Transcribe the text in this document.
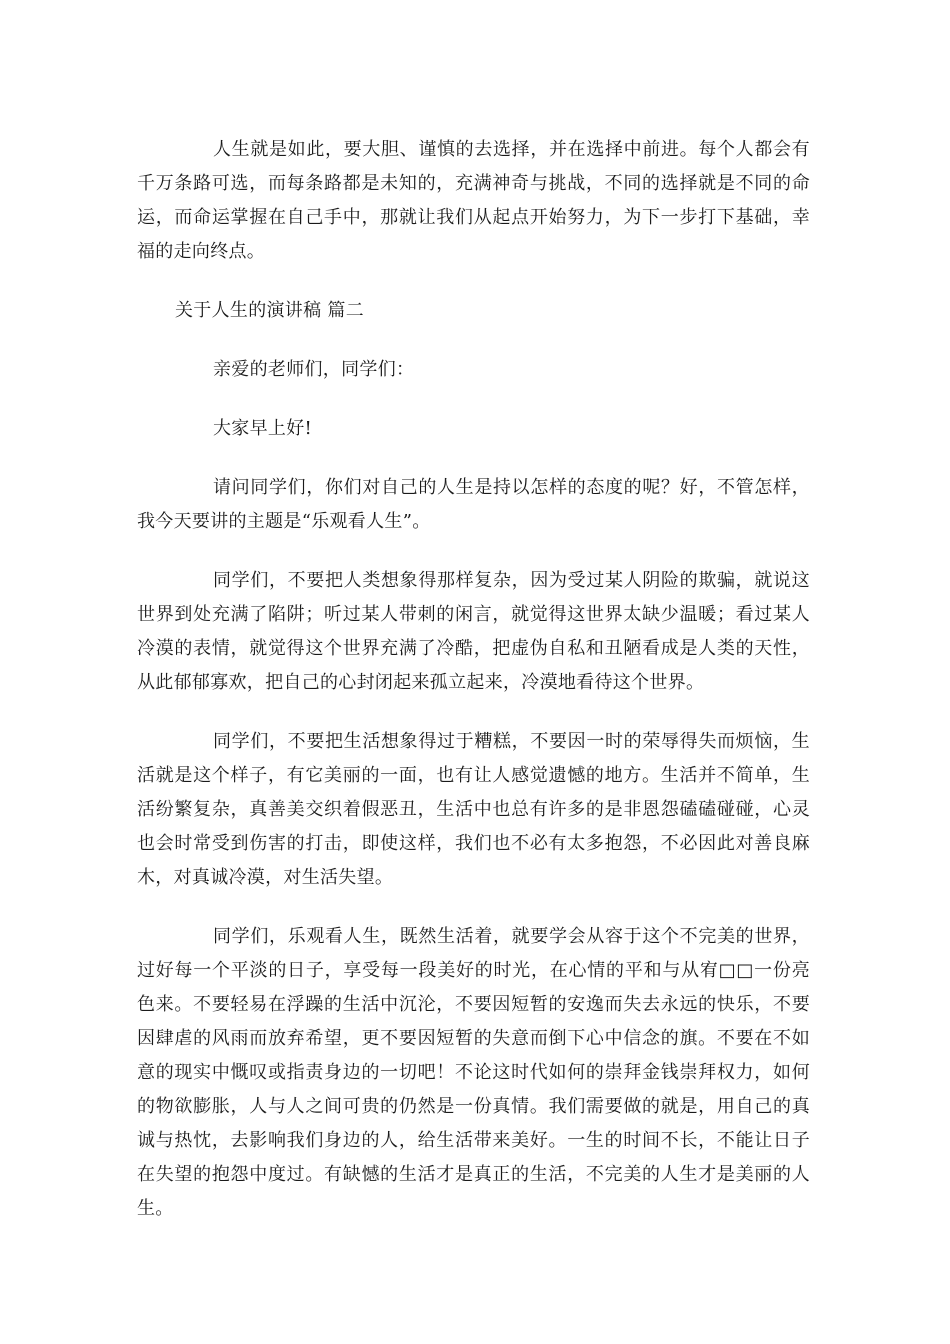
人生就是如此，要大胆、谨慎的去选择，并在选择中前进。每个人都会有千万条路可选，而每条路都是未知的，充满神奇与挑战，不同的选择就是不同的命运，而命运掌握在自己手中，那就让我们从起点开始努力，为下一步打下基础，幸福的走向终点。

关于人生的演讲稿 篇二

亲爱的老师们，同学们：

大家早上好!

请问同学们，你们对自己的人生是持以怎样的态度的呢？好，不管怎样，我今天要讲的主题是“乐观看人生”。

同学们，不要把人类想象得那样复杂，因为受过某人阴险的欺骗，就说这世界到处充满了陷阱；听过某人带刺的闲言，就觉得这世界太缺少温暖；看过某人冷漠的表情，就觉得这个世界充满了冷酷，把虚伪自私和丑陋看成是人类的天性，从此郁郁寡欢，把自己的心封闭起来孤立起来，冷漠地看待这个世界。

同学们，不要把生活想象得过于糟糕，不要因一时的荣辱得失而烦恼，生活就是这个样子，有它美丽的一面，也有让人感觉遗憾的地方。生活并不简单，生活纷繁复杂，真善美交织着假恶丑，生活中也总有许多的是非恩怨磕磕碰碰，心灵也会时常受到伤害的打击，即使这样，我们也不必有太多抱怨，不必因此对善良麻木，对真诚冷漠，对生活失望。

同学们，乐观看人生，既然生活着，就要学会从容于这个不完美的世界，过好每一个平淡的日子，享受每一段美好的时光，在心情的平和与从宥□□一份亮色来。不要轻易在浮躁的生活中沉沦，不要因短暂的安逸而失去永远的快乐，不要因肆虐的风雨而放弃希望，更不要因短暂的失意而倒下心中信念的旗。不要在不如意的现实中慨叹或指责身边的一切吧！不论这时代如何的崇拜金钱崇拜权力，如何的物欲膨胀，人与人之间可贵的仍然是一份真情。我们需要做的就是，用自己的真诚与热忱，去影响我们身边的人，给生活带来美好。一生的时间不长，不能让日子在失望的抱怨中度过。有缺憾的生活才是真正的生活，不完美的人生才是美丽的人生。
